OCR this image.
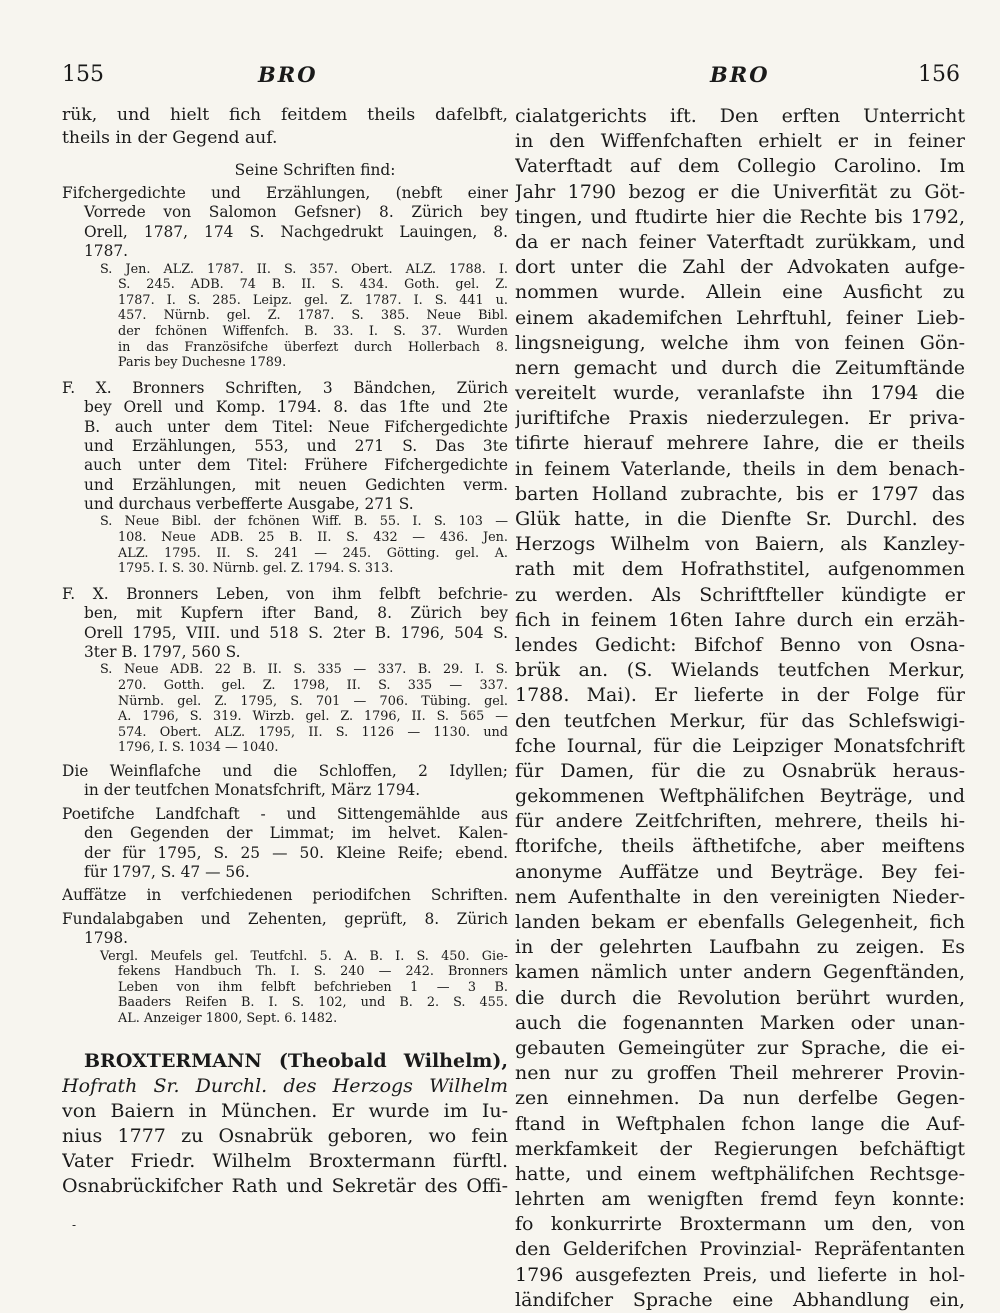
155	BRO	BRO	156
rük, und hielt fich feitdem theils dafelbft,
theils in der Gegend auf.
Seine Schriften find:
Fifchergedichte und Erzählungen, (nebft einer
Vorrede von Salomon Gefsner) 8. Zürich bey
Orell, 1787, 174 S. Nachgedrukt Lauingen, 8.
1787.
S. Jen. ALZ. 1787. II. S. 357. Obert. ALZ. 1788. I.
S. 245. ADB. 74 B. II. S. 434. Goth. gel. Z.
1787. I. S. 285. Leipz. gel. Z. 1787. I. S. 441 u.
457. Nürnb. gel. Z. 1787. S. 385. Neue Bibl.
der fchönen Wiffenfch. B. 33. I. S. 37. Wurden
in das Französifche überfezt durch Hollerbach 8.
Paris bey Duchesne 1789.
F. X. Bronners Schriften, 3 Bändchen, Zürich
bey Orell und Komp. 1794. 8. das 1fte und 2te
B. auch unter dem Titel: Neue Fifchergedichte
und Erzählungen, 553, und 271 S. Das 3te
auch unter dem Titel: Frühere Fifchergedichte
und Erzählungen, mit neuen Gedichten verm.
und durchaus verbefferte Ausgabe, 271 S.
S. Neue Bibl. der fchönen Wiff. B. 55. I. S. 103 —
108. Neue ADB. 25 B. II. S. 432 — 436. Jen.
ALZ. 1795. II. S. 241 — 245. Götting. gel. A.
1795. I. S. 30. Nürnb. gel. Z. 1794. S. 313.
F. X. Bronners Leben, von ihm felbft befchrie-
ben, mit Kupfern ifter Band, 8. Zürich bey
Orell 1795, VIII. und 518 S. 2ter B. 1796, 504 S.
3ter B. 1797, 560 S.
S. Neue ADB. 22 B. II. S. 335 — 337. B. 29. I. S.
270. Gotth. gel. Z. 1798, II. S. 335 — 337.
Nürnb. gel. Z. 1795, S. 701 — 706. Tübing. gel.
A. 1796, S. 319. Wirzb. gel. Z. 1796, II. S. 565 —
574. Obert. ALZ. 1795, II. S. 1126 — 1130. und
1796, I. S. 1034 — 1040.
Die Weinflafche und die Schloffen, 2 Idyllen;
in der teutfchen Monatsfchrift, März 1794.
Poetifche Landfchaft - und Sittengemählde aus
den Gegenden der Limmat; im helvet. Kalen-
der für 1795, S. 25 — 50. Kleine Reife; ebend.
für 1797, S. 47 — 56.
Auffätze in verfchiedenen periodifchen Schriften.
Fundalabgaben und Zehenten, geprüft, 8. Zürich
1798.
Vergl. Meufels gel. Teutfchl. 5. A. B. I. S. 450. Gie-
fekens Handbuch Th. I. S. 240 — 242. Bronners
Leben von ihm felbft befchrieben 1 — 3 B.
Baaders Reifen B. I. S. 102, und B. 2. S. 455.
AL. Anzeiger 1800, Sept. 6. 1482.
BROXTERMANN (Theobald Wilhelm),
Hofrath Sr. Durchl. des Herzogs Wilhelm
von Baiern in München. Er wurde im Iu-
nius 1777 zu Osnabrük geboren, wo fein
Vater Friedr. Wilhelm Broxtermann fürftl.
Osnabrückifcher Rath und Sekretär des Offi-
cialatgerichts ift. Den erften Unterricht
in den Wiffenfchaften erhielt er in feiner
Vaterftadt auf dem Collegio Carolino. Im
Jahr 1790 bezog er die Univerfität zu Göt-
tingen, und ftudirte hier die Rechte bis 1792,
da er nach feiner Vaterftadt zurükkam, und
dort unter die Zahl der Advokaten aufge-
nommen wurde. Allein eine Ausficht zu
einem akademifchen Lehrftuhl, feiner Lieb-
lingsneigung, welche ihm von feinen Gön-
nern gemacht und durch die Zeitumftände
vereitelt wurde, veranlafste ihn 1794 die
juriftifche Praxis niederzulegen. Er priva-
tifirte hierauf mehrere Iahre, die er theils
in feinem Vaterlande, theils in dem benach-
barten Holland zubrachte, bis er 1797 das
Glük hatte, in die Dienfte Sr. Durchl. des
Herzogs Wilhelm von Baiern, als Kanzley-
rath mit dem Hofrathstitel, aufgenommen
zu werden. Als Schriftfteller kündigte er
fich in feinem 16ten Iahre durch ein erzäh-
lendes Gedicht: Bifchof Benno von Osna-
brük an. (S. Wielands teutfchen Merkur,
1788. Mai). Er lieferte in der Folge für
den teutfchen Merkur, für das Schlefswigi-
fche Iournal, für die Leipziger Monatsfchrift
für Damen, für die zu Osnabrük heraus-
gekommenen Weftphälifchen Beyträge, und
für andere Zeitfchriften, mehrere, theils hi-
ftorifche, theils äfthetifche, aber meiftens
anonyme Auffätze und Beyträge. Bey fei-
nem Aufenthalte in den vereinigten Nieder-
landen bekam er ebenfalls Gelegenheit, fich
in der gelehrten Laufbahn zu zeigen. Es
kamen nämlich unter andern Gegenftänden,
die durch die Revolution berührt wurden,
auch die fogenannten Marken oder unan-
gebauten Gemeingüter zur Sprache, die ei-
nen nur zu groffen Theil mehrerer Provin-
zen einnehmen. Da nun derfelbe Gegen-
ftand in Weftphalen fchon lange die Auf-
merkfamkeit der Regierungen befchäftigt
hatte, und einem weftphälifchen Rechtsge-
lehrten am wenigften fremd feyn konnte:
fo konkurrirte Broxtermann um den, von
den Gelderifchen Provinzial- Repräfentanten
1796 ausgefezten Preis, und lieferte in hol-
ländifcher Sprache eine Abhandlung ein,
-
